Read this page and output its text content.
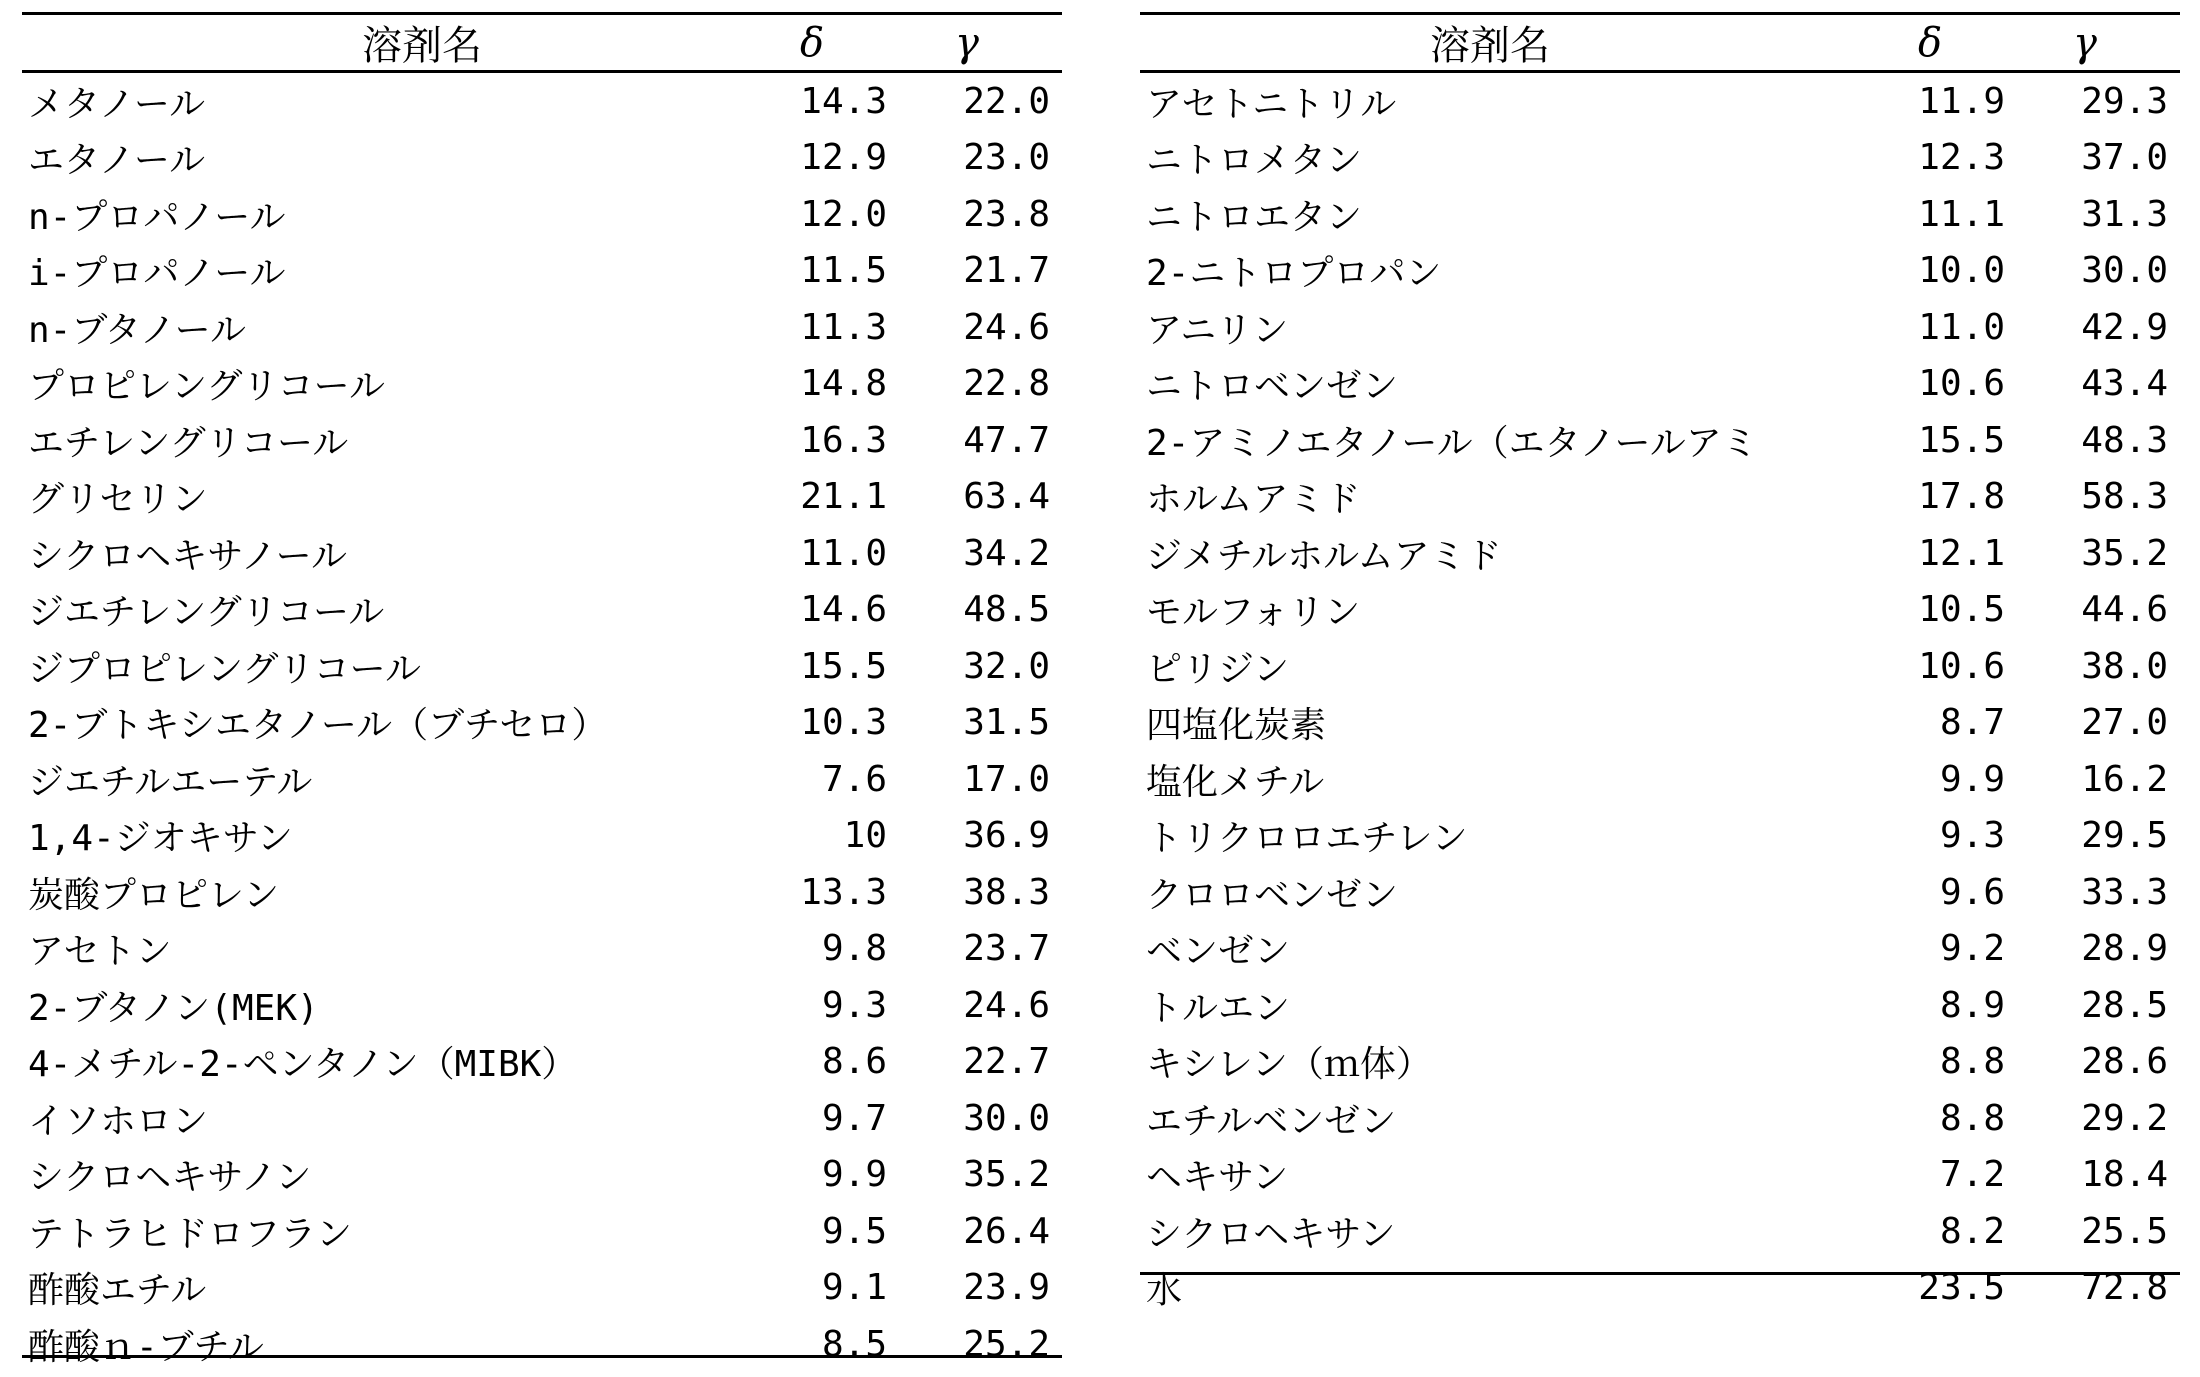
溶剤名	δ	γ
メタノール	14.3	22.0
エタノール	12.9	23.0
n-プロパノール	12.0	23.8
i-プロパノール	11.5	21.7
n-ブタノール	11.3	24.6
プロピレングリコール	14.8	22.8
エチレングリコール	16.3	47.7
グリセリン	21.1	63.4
シクロヘキサノール	11.0	34.2
ジエチレングリコール	14.6	48.5
ジプロピレングリコール	15.5	32.0
2-ブトキシエタノール（ブチセロ）	10.3	31.5
ジエチルエーテル	7.6	17.0
1,4-ジオキサン	10	36.9
炭酸プロピレン	13.3	38.3
アセトン	9.8	23.7
2-ブタノン(MEK)	9.3	24.6
4-メチル-2-ペンタノン（MIBK）	8.6	22.7
イソホロン	9.7	30.0
シクロヘキサノン	9.9	35.2
テトラヒドロフラン	9.5	26.4
酢酸エチル	9.1	23.9
酢酸ｎ-ブチル	8.5	25.2
溶剤名	δ	γ
アセトニトリル	11.9	29.3
ニトロメタン	12.3	37.0
ニトロエタン	11.1	31.3
2-ニトロプロパン	10.0	30.0
アニリン	11.0	42.9
ニトロベンゼン	10.6	43.4
2-アミノエタノール（エタノールアミ	15.5	48.3
ホルムアミド	17.8	58.3
ジメチルホルムアミド	12.1	35.2
モルフォリン	10.5	44.6
ピリジン	10.6	38.0
四塩化炭素	8.7	27.0
塩化メチル	9.9	16.2
トリクロロエチレン	9.3	29.5
クロロベンゼン	9.6	33.3
ベンゼン	9.2	28.9
トルエン	8.9	28.5
キシレン（ｍ体）	8.8	28.6
エチルベンゼン	8.8	29.2
ヘキサン	7.2	18.4
シクロヘキサン	8.2	25.5
水	23.5	72.8
